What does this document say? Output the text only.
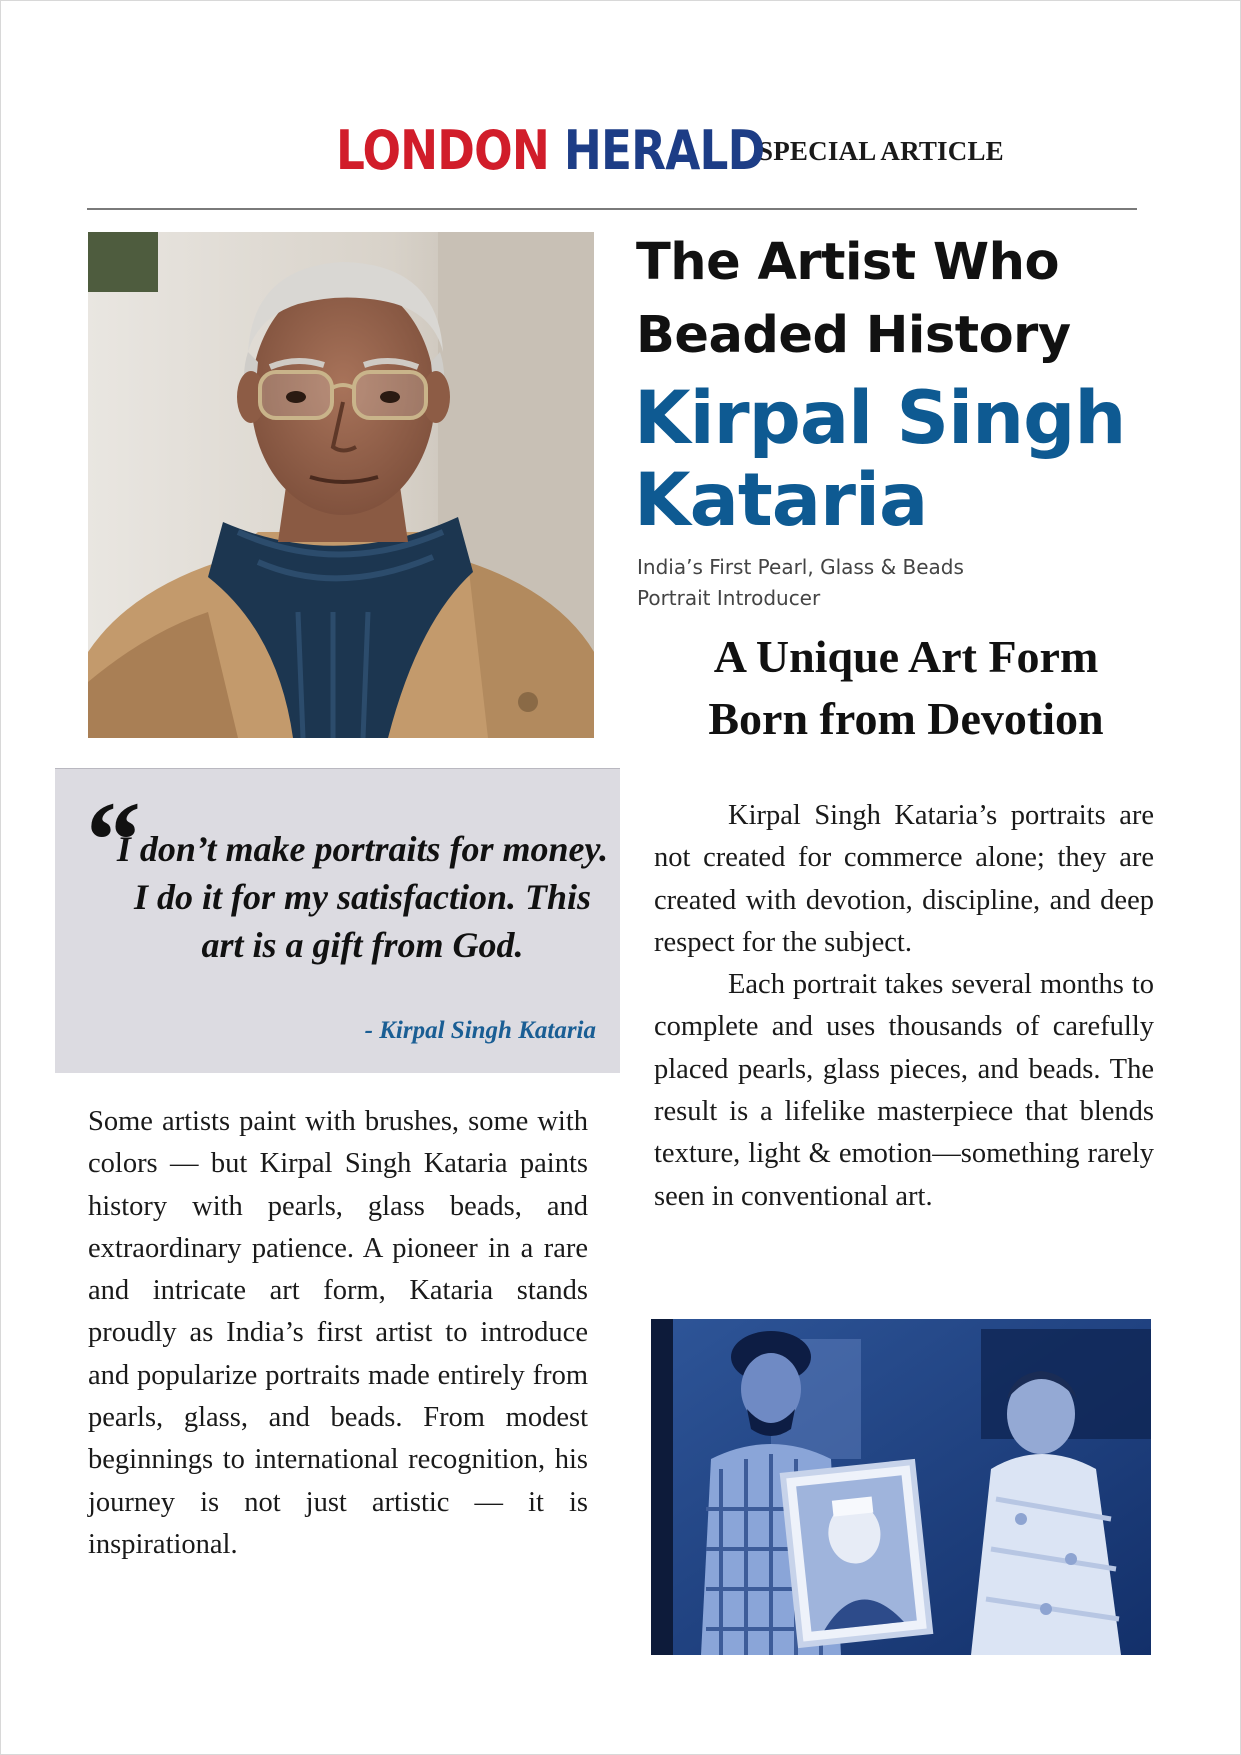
LONDON HERALD
SPECIAL ARTICLE
The Artist Who
Beaded History
Kirpal Singh
Kataria
India’s First Pearl, Glass & Beads
Portrait Introducer
A Unique Art Form
Born from Devotion
“
I don’t make portraits for money. I do it for my satisfaction. This art is a gift from God.
- Kirpal Singh Kataria
Some artists paint with brushes, some with colors — but Kirpal Singh Kataria paints history with pearls, glass beads, and extraordinary patience. A pioneer in a rare and intricate art form, Kataria stands proudly as India’s first artist to introduce and popularize portraits made entirely from pearls, glass, and beads. From modest beginnings to international recognition, his journey is not just artistic — it is inspirational.

Kirpal Singh Kataria’s portraits are not created for commerce alone; they are created with devotion, discipline, and deep respect for the subject.

Each portrait takes several months to complete and uses thousands of carefully placed pearls, glass pieces, and beads. The result is a lifelike masterpiece that blends texture, light & emotion—something rarely seen in conventional art.
